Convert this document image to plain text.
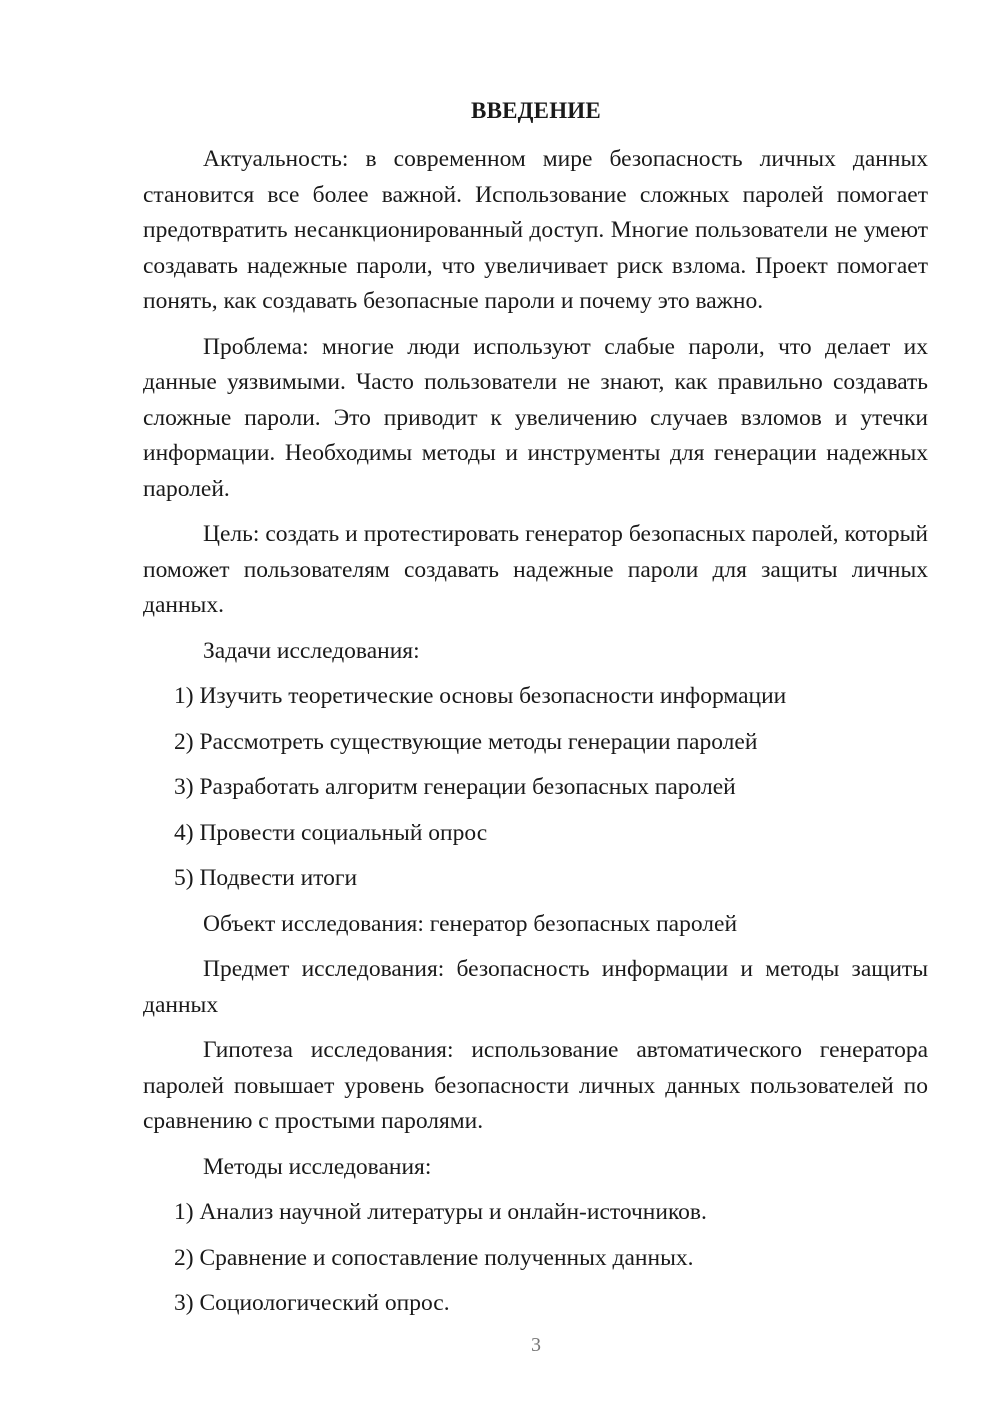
ВВЕДЕНИЕ

Актуальность: в современном мире безопасность личных данных становится все более важной. Использование сложных паролей помогает предотвратить несанкционированный доступ. Многие пользователи не умеют создавать надежные пароли, что увеличивает риск взлома. Проект помогает понять, как создавать безопасные пароли и почему это важно.

Проблема: многие люди используют слабые пароли, что делает их данные уязвимыми. Часто пользователи не знают, как правильно создавать сложные пароли. Это приводит к увеличению случаев взломов и утечки информации. Необходимы методы и инструменты для генерации надежных паролей.

Цель: создать и протестировать генератор безопасных паролей, который поможет пользователям создавать надежные пароли для защиты личных данных.

Задачи исследования:

1) Изучить теоретические основы безопасности информации
2) Рассмотреть существующие методы генерации паролей
3) Разработать алгоритм генерации безопасных паролей
4) Провести социальный опрос
5) Подвести итоги

Объект исследования: генератор безопасных паролей

Предмет исследования: безопасность информации и методы защиты данных

Гипотеза исследования: использование автоматического генератора паролей повышает уровень безопасности личных данных пользователей по сравнению с простыми паролями.

Методы исследования:

1) Анализ научной литературы и онлайн-источников.
2) Сравнение и сопоставление полученных данных.
3) Социологический опрос.
3
